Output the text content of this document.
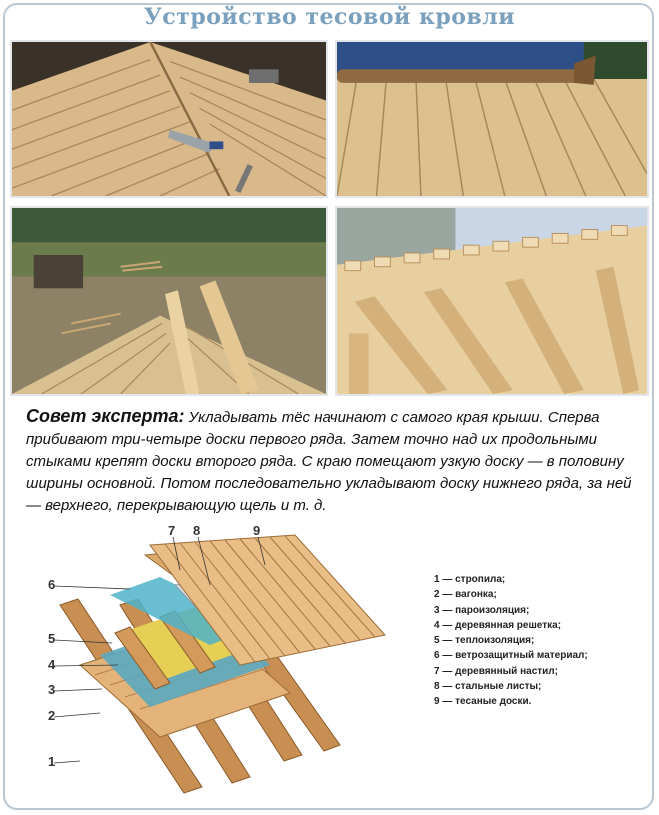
Устройство тесовой кровли
Совет эксперта: Укладывать тёс начинают с самого края крыши. Сперва прибивают три-четыре доски первого ряда. Затем точно над их продольными стыками крепят доски второго ряда. С краю помещают узкую доску — в половину ширины основной. Потом последовательно укладывают доску нижнего ряда, за ней — верхнего, перекрывающую щель и т. д.
6
5
4
3
2
1
7 8	9
1 — стропила;
2 — вагонка;
3 — пароизоляция;
4 — деревянная решетка;
5 — теплоизоляция;
6 — ветрозащитный материал;
7 — деревянный настил;
8 — стальные листы;
9 — тесаные доски.
